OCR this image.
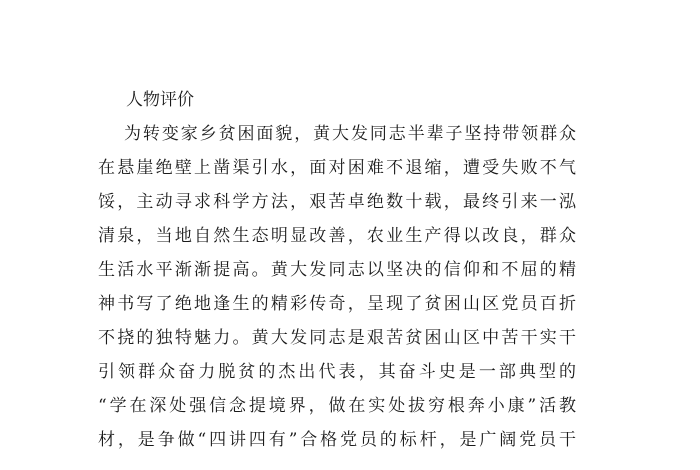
人物评价

为转变家乡贫困面貌，黄大发同志半辈子坚持带领群众

在悬崖绝壁上凿渠引水，面对困难不退缩，遭受失败不气

馁，主动寻求科学方法，艰苦卓绝数十载，最终引来一泓

清泉，当地自然生态明显改善，农业生产得以改良，群众

生活水平渐渐提高。黄大发同志以坚决的信仰和不屈的精

神书写了绝地逢生的精彩传奇，呈现了贫困山区党员百折

不挠的独特魅力。黄大发同志是艰苦贫困山区中苦干实干

引领群众奋力脱贫的杰出代表，其奋斗史是一部典型的

“学在深处强信念提境界，做在实处拔穷根奔小康”活教

材，是争做“四讲四有”合格党员的标杆，是广阔党员干
